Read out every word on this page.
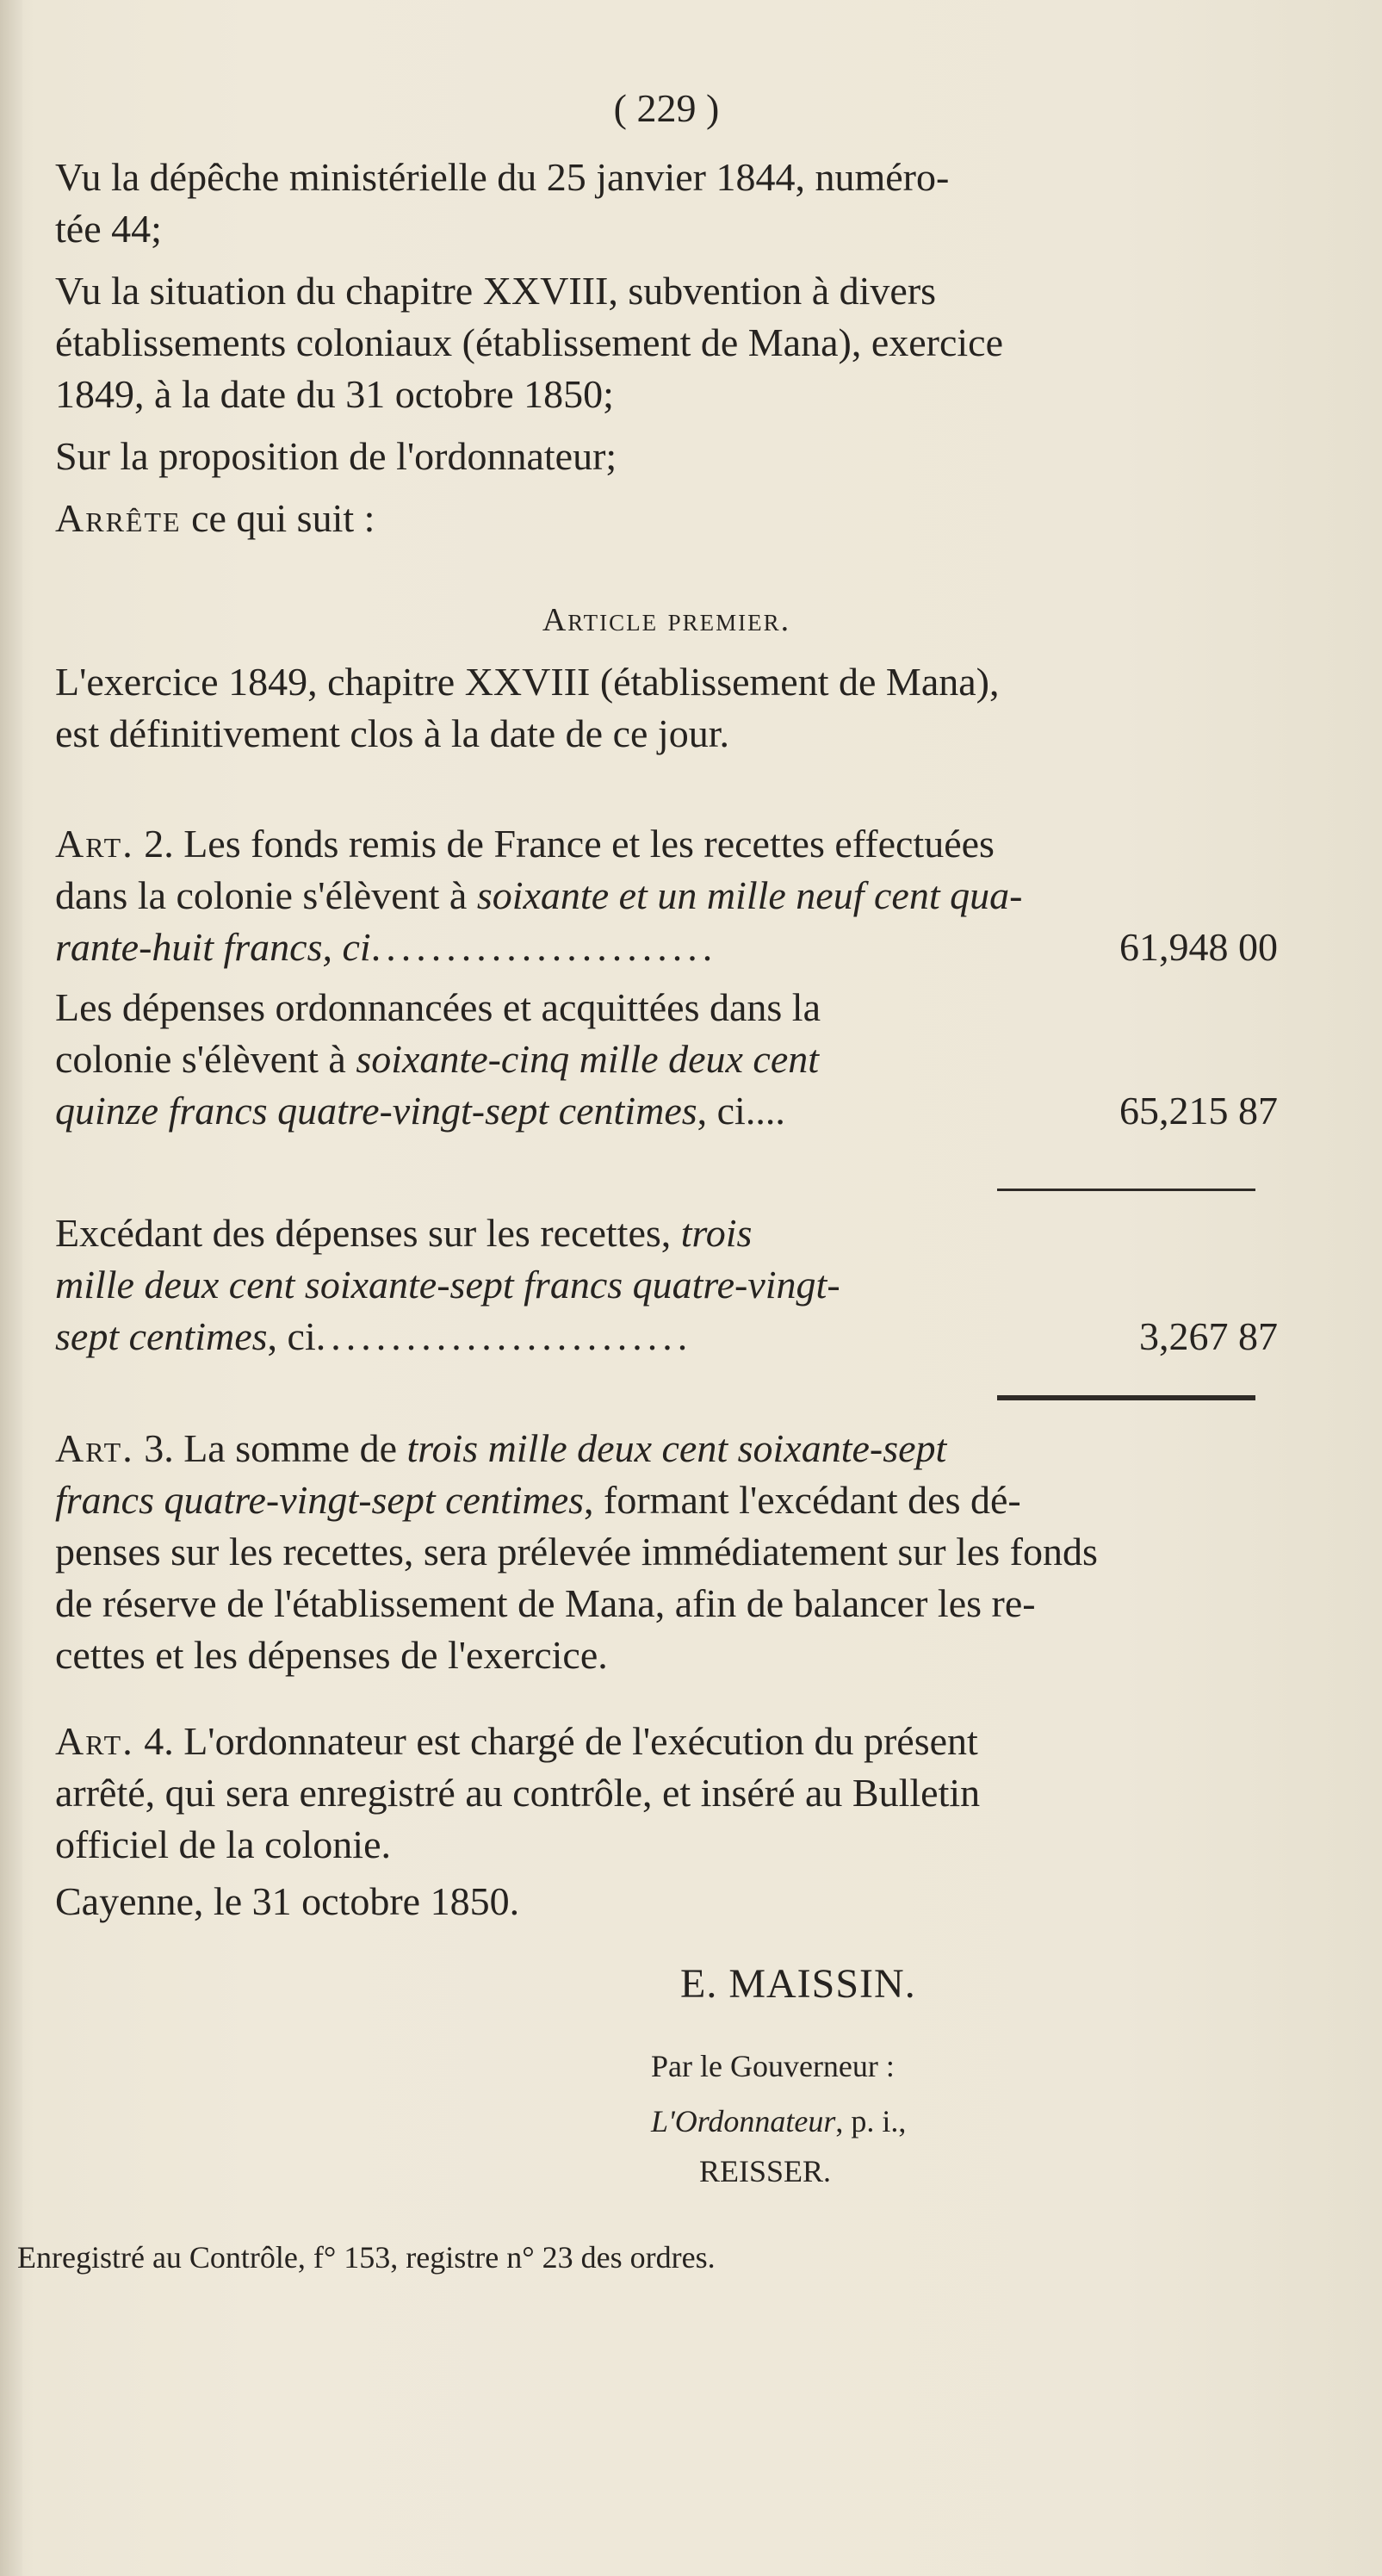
( 229 )

Vu la dépêche ministérielle du 25 janvier 1844, numéro-

tée 44;

Vu la situation du chapitre XXVIII, subvention à divers

établissements coloniaux (établissement de Mana), exercice

1849, à la date du 31 octobre 1850;

Sur la proposition de l'ordonnateur;

Arrête ce qui suit :

Article premier.

L'exercice 1849, chapitre XXVIII (établissement de Mana),

est définitivement clos à la date de ce jour.

Art. 2. Les fonds remis de France et les recettes effectuées

dans la colonie s'élèvent à soixante et un mille neuf cent qua-

rante-huit francs, ci.......................	61,948 00

Les dépenses ordonnancées et acquittées dans la

colonie s'élèvent à soixante-cinq mille deux cent

quinze francs quatre-vingt-sept centimes, ci....	65,215 87

Excédant des dépenses sur les recettes, trois

mille deux cent soixante-sept francs quatre-vingt-

sept centimes, ci.........................	3,267 87

Art. 3. La somme de trois mille deux cent soixante-sept

francs quatre-vingt-sept centimes, formant l'excédant des dé-

penses sur les recettes, sera prélevée immédiatement sur les fonds

de réserve de l'établissement de Mana, afin de balancer les re-

cettes et les dépenses de l'exercice.

Art. 4. L'ordonnateur est chargé de l'exécution du présent

arrêté, qui sera enregistré au contrôle, et inséré au Bulletin

officiel de la colonie.

Cayenne, le 31 octobre 1850.

E. MAISSIN.
Par le Gouverneur :
L'Ordonnateur, p. i.,
REISSER.
Enregistré au Contrôle, f° 153, registre n° 23 des ordres.
